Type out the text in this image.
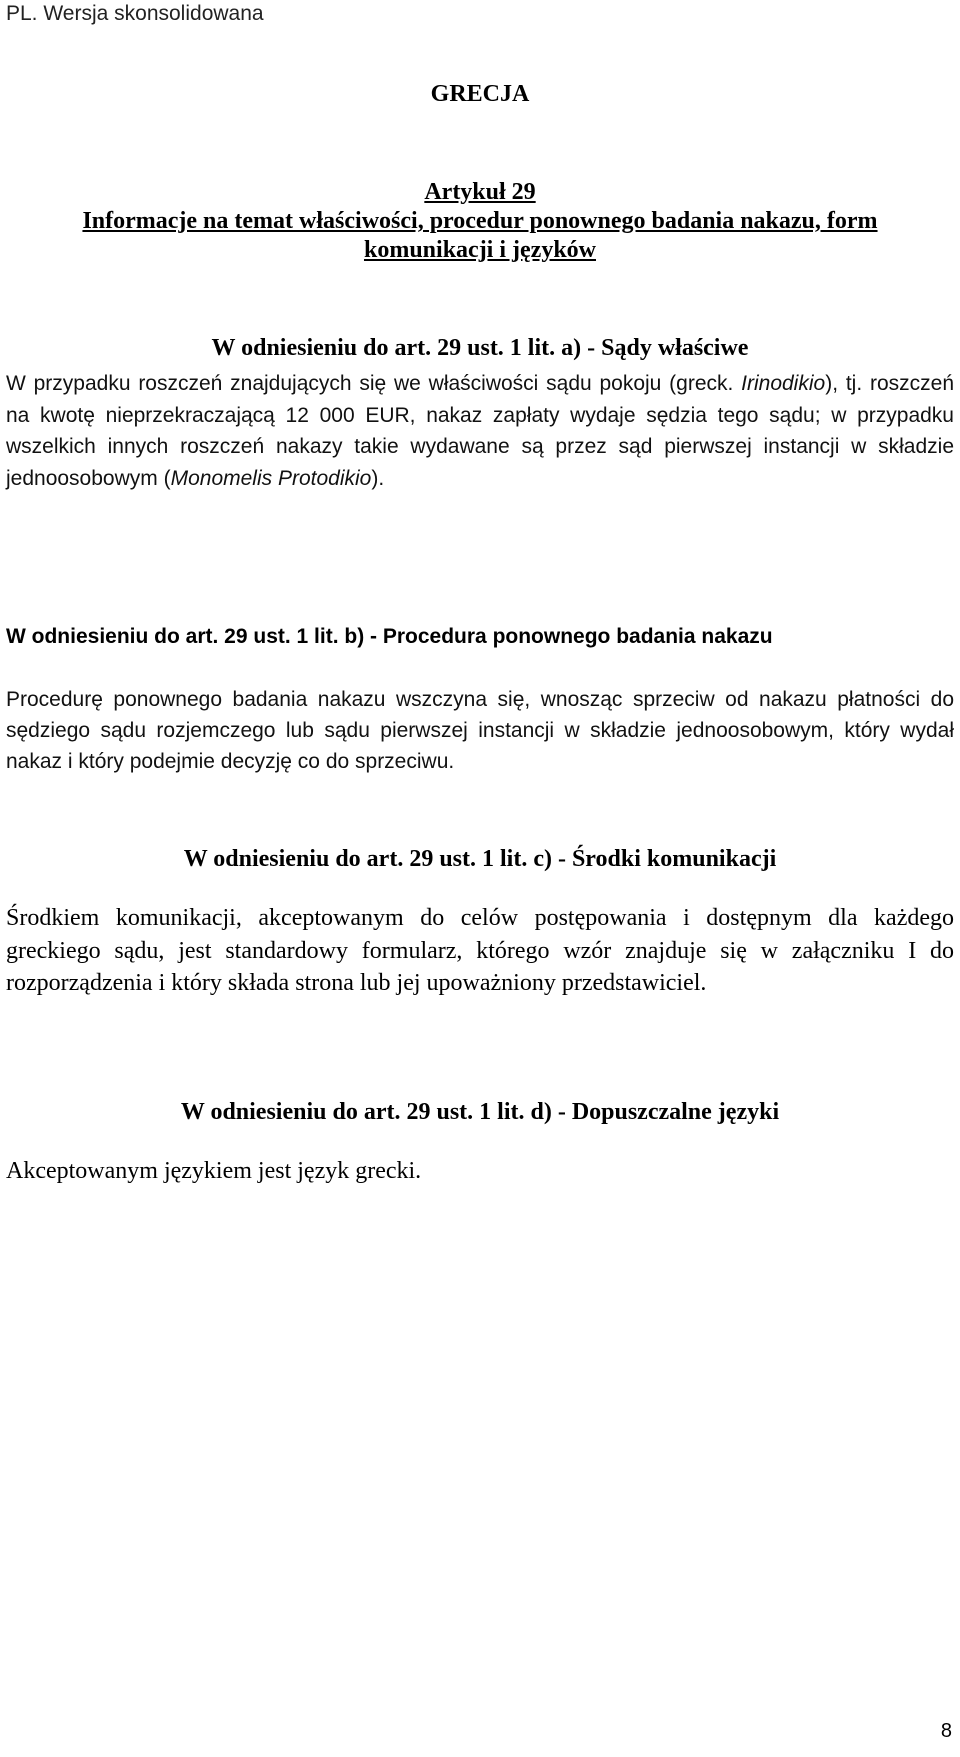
PL. Wersja skonsolidowana
GRECJA
Artykuł 29
Informacje na temat właściwości, procedur ponownego badania nakazu, form
komunikacji i języków
W odniesieniu do art. 29 ust. 1 lit. a) - Sądy właściwe
W przypadku roszczeń znajdujących się we właściwości sądu pokoju (greck. Irinodikio), tj. roszczeń na kwotę nieprzekraczającą 12 000 EUR, nakaz zapłaty wydaje sędzia tego sądu; w przypadku wszelkich innych roszczeń nakazy takie wydawane są przez sąd pierwszej instancji w składzie jednoosobowym (Monomelis Protodikio).
W odniesieniu do art. 29 ust. 1 lit. b) - Procedura ponownego badania nakazu
Procedurę ponownego badania nakazu wszczyna się, wnosząc sprzeciw od nakazu płatności do sędziego sądu rozjemczego lub sądu pierwszej instancji w składzie jednoosobowym, który wydał nakaz i który podejmie decyzję co do sprzeciwu.
W odniesieniu do art. 29 ust. 1 lit. c) - Środki komunikacji
Środkiem komunikacji, akceptowanym do celów postępowania i dostępnym dla każdego greckiego sądu, jest standardowy formularz, którego wzór znajduje się w załączniku I do rozporządzenia i który składa strona lub jej upoważniony przedstawiciel.
W odniesieniu do art. 29 ust. 1 lit. d) - Dopuszczalne języki
Akceptowanym językiem jest język grecki.
8
